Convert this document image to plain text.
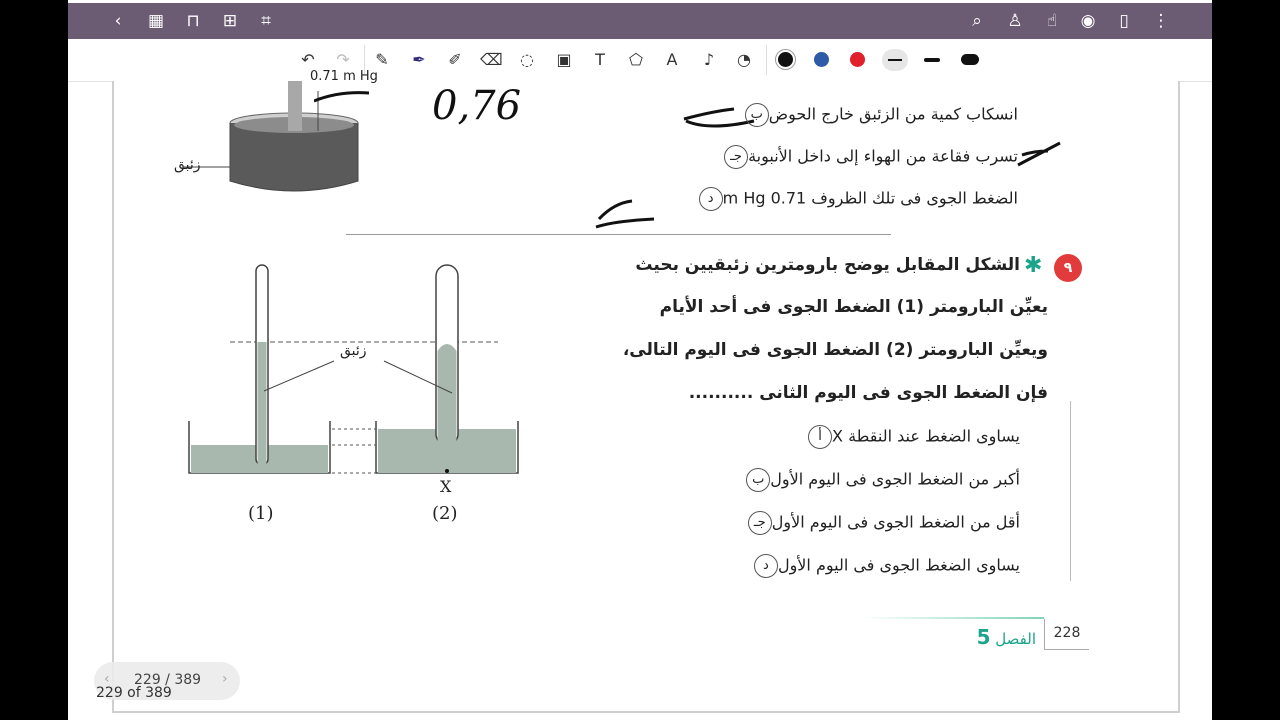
‹	▦ ⊓ ⊞	⌗	⌕	♙ ☝ ◉	▯	⋮
↶ ↷ ✎ ✒ ✐ ⌫ ◌ ▣	T	⬠	A	♪	◔
زئبق
0.71 m Hg
0,76	انسكاب كمية من الزئبق خارج الحوضب
تسرب فقاعة من الهواء إلى داخل الأنبوبةجـ
الضغط الجوى فى تلك الظروف 0.71 m Hgد
٩
✱
الشكل المقابل يوضح بارومترين زئبقيين بحيث
يعيِّن البارومتر (1) الضغط الجوى فى أحد الأيام
ويعيِّن البارومتر (2) الضغط الجوى فى اليوم التالى،
فإن الضغط الجوى فى اليوم الثانى ..........
يساوى الضغط عند النقطة Xأ
أكبر من الضغط الجوى فى اليوم الأولب
أقل من الضغط الجوى فى اليوم الأولجـ
يساوى الضغط الجوى فى اليوم الأولد
زئبق
X
(1)	(2)
228
الفصل 5
‹ 229 / 389 ›
229 of 389
